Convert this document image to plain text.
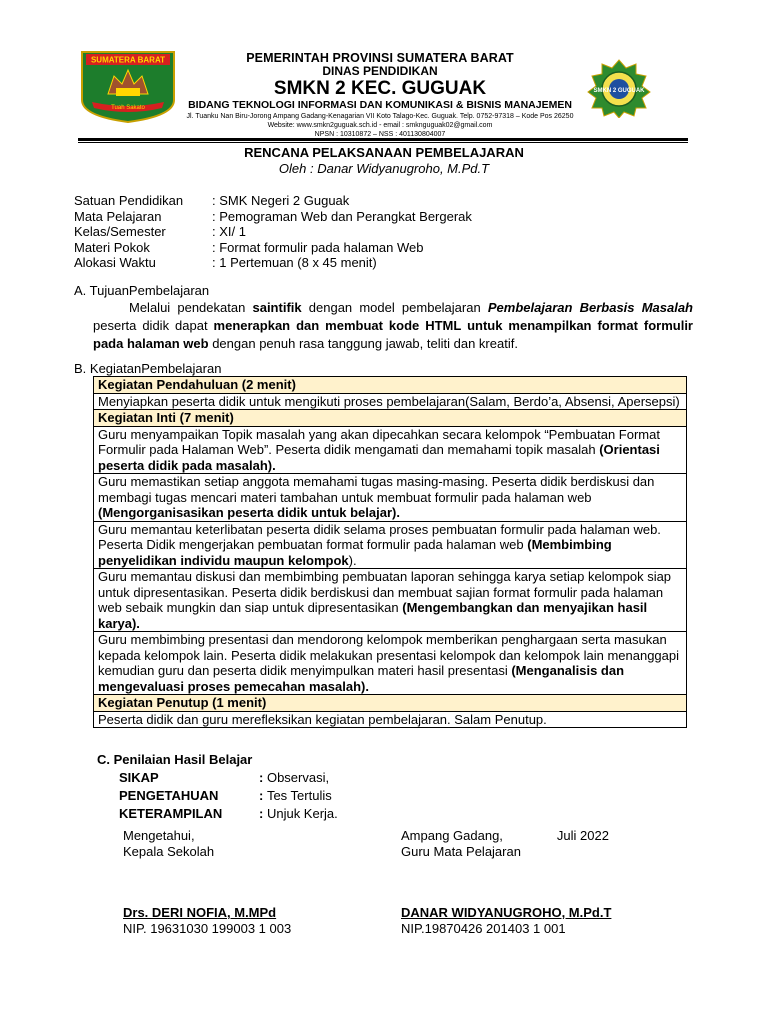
SUMATERA BARAT
Tuah Sakato
PEMERINTAH PROVINSI SUMATERA BARAT
DINAS PENDIDIKAN
SMKN 2 KEC. GUGUAK
BIDANG TEKNOLOGI INFORMASI DAN KOMUNIKASI & BISNIS MANAJEMEN
Jl. Tuanku Nan Biru-Jorong Ampang Gadang-Kenagarian VII Koto Talago-Kec. Guguak. Telp. 0752-97318 – Kode Pos 26250
Website: www.smkn2guguak.sch.id - email : smknguguak02@gmail.com
NPSN : 10310872 – NSS : 401130804007
SMKN 2 GUGUAK
RENCANA PELAKSANAAN PEMBELAJARAN
Oleh : Danar Widyanugroho, M.Pd.T
Satuan Pendidikan	: SMK Negeri 2 Guguak
Mata Pelajaran	: Pemograman Web dan Perangkat Bergerak
Kelas/Semester	: XI/ 1
Materi Pokok	: Format formulir pada halaman Web
Alokasi Waktu	: 1 Pertemuan (8 x 45 menit)
A. TujuanPembelajaran
Melalui pendekatan saintifik dengan model pembelajaran Pembelajaran Berbasis Masalah peserta didik dapat menerapkan dan membuat kode HTML untuk menampilkan format formulir pada halaman web dengan penuh rasa tanggung jawab, teliti dan kreatif.
B. KegiatanPembelajaran
Kegiatan Pendahuluan (2 menit)
Menyiapkan peserta didik untuk mengikuti proses pembelajaran(Salam, Berdo’a, Absensi, Apersepsi)
Kegiatan Inti (7 menit)
Guru menyampaikan Topik masalah yang akan dipecahkan secara kelompok “Pembuatan Format Formulir pada Halaman Web”. Peserta didik mengamati dan memahami topik masalah (Orientasi peserta didik pada masalah).
Guru memastikan setiap anggota memahami tugas masing-masing. Peserta didik berdiskusi dan membagi tugas mencari materi tambahan untuk membuat formulir pada halaman web (Mengorganisasikan peserta didik untuk belajar).
Guru memantau keterlibatan peserta didik selama proses pembuatan formulir pada halaman web. Peserta Didik mengerjakan pembuatan format formulir pada halaman web (Membimbing penyelidikan individu maupun kelompok).
Guru memantau diskusi dan membimbing pembuatan laporan sehingga karya setiap kelompok siap untuk dipresentasikan. Peserta didik berdiskusi dan membuat sajian format formulir pada halaman web sebaik mungkin dan siap untuk dipresentasikan (Mengembangkan dan menyajikan hasil karya).
Guru membimbing presentasi dan mendorong kelompok memberikan penghargaan serta masukan kepada kelompok lain. Peserta didik melakukan presentasi kelompok dan kelompok lain menanggapi kemudian guru dan peserta didik menyimpulkan materi hasil presentasi (Menganalisis dan mengevaluasi proses pemecahan masalah).
Kegiatan Penutup (1 menit)
Peserta didik dan guru merefleksikan kegiatan pembelajaran. Salam Penutup.
C. Penilaian Hasil Belajar
SIKAP	: Observasi,
PENGETAHUAN	: Tes Tertulis
KETERAMPILAN	: Unjuk Kerja.
Mengetahui,
Kepala Sekolah
Ampang Gadang,	Juli 2022
Guru Mata Pelajaran
Drs. DERI NOFIA, M.MPd
NIP. 19631030 199003 1 003
DANAR WIDYANUGROHO, M.Pd.T
NIP.19870426 201403 1 001
